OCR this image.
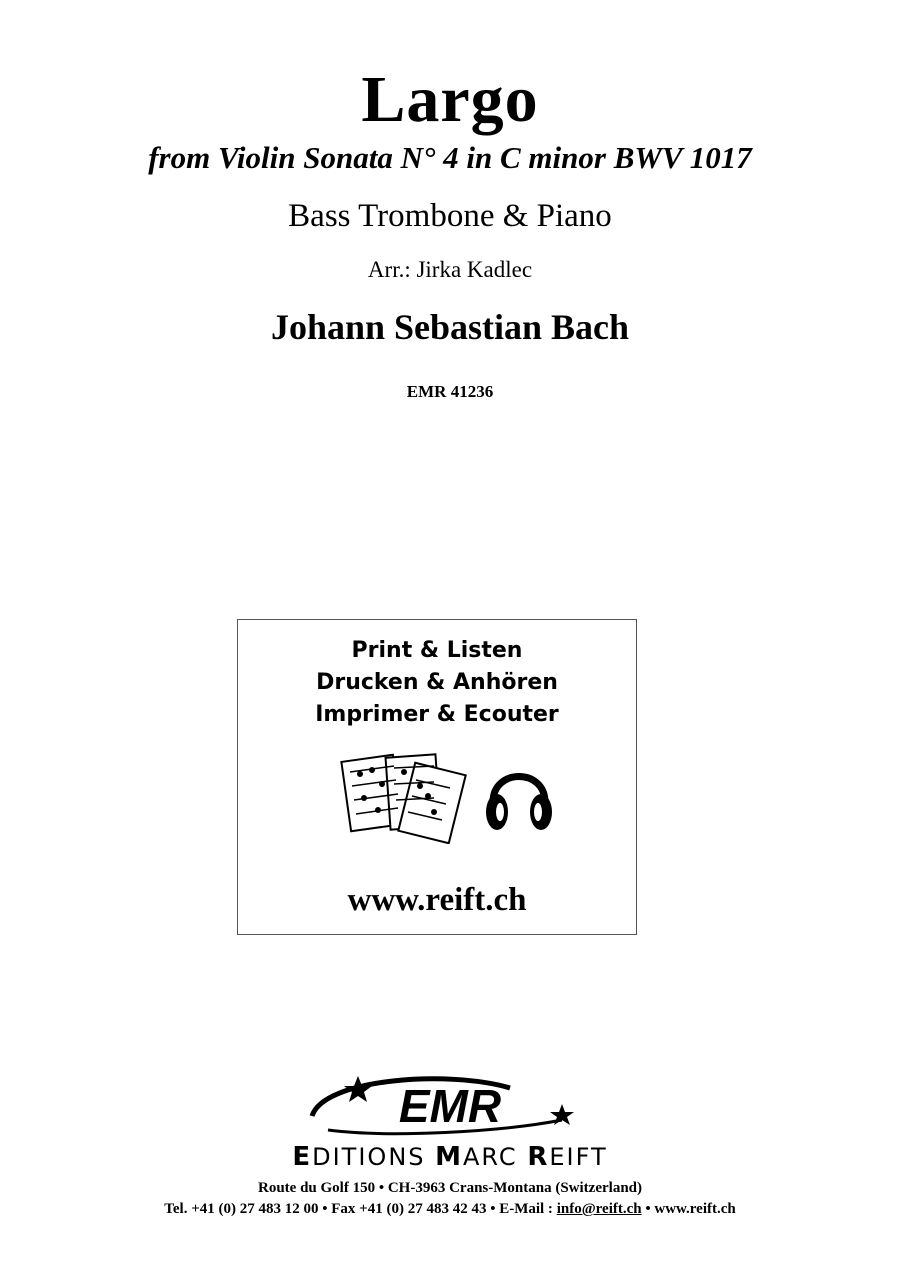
Largo
from Violin Sonata N° 4 in C minor BWV 1017
Bass Trombone & Piano
Arr.: Jirka Kadlec
Johann Sebastian Bach
EMR 41236
Print & Listen
Drucken & Anhören
Imprimer & Ecouter
www.reift.ch
EMR
EDITIONS MARC REIFT
Route du Golf 150 • CH-3963 Crans-Montana (Switzerland)
Tel. +41 (0) 27 483 12 00 • Fax +41 (0) 27 483 42 43 • E-Mail : info@reift.ch • www.reift.ch
